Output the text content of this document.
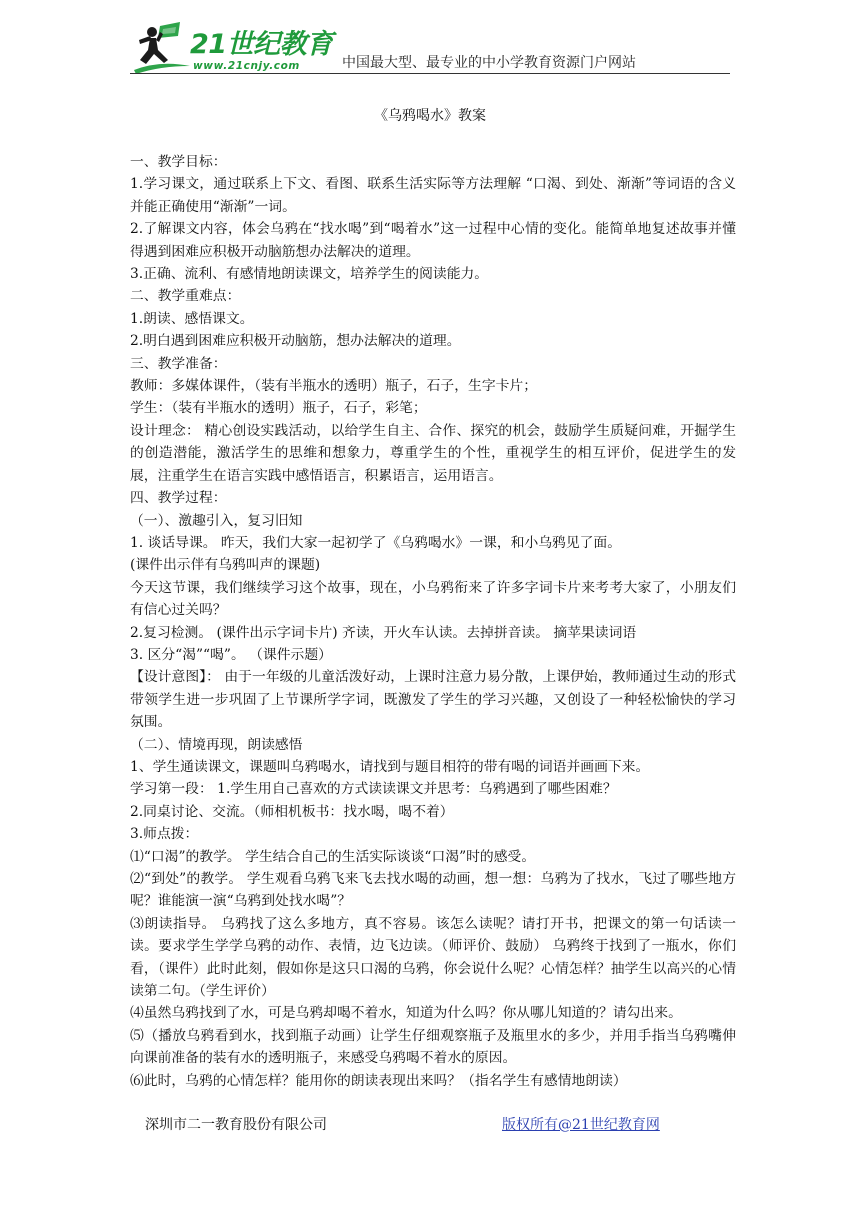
21世纪教育
www.21cnjy.com	中国最大型、最专业的中小学教育资源门户网站
《乌鸦喝水》教案

一、教学目标：

1.学习课文，通过联系上下文、看图、联系生活实际等方法理解 “口渴、到处、渐渐”等词语的含义并能正确使用“渐渐”一词。

2.了解课文内容，体会乌鸦在“找水喝”到“喝着水”这一过程中心情的变化。能简单地复述故事并懂得遇到困难应积极开动脑筋想办法解决的道理。

3.正确、流利、有感情地朗读课文，培养学生的阅读能力。

二、教学重难点：

1.朗读、感悟课文。

2.明白遇到困难应积极开动脑筋，想办法解决的道理。

三、教学准备：

教师：多媒体课件，（装有半瓶水的透明）瓶子，石子，生字卡片；

学生：（装有半瓶水的透明）瓶子，石子，彩笔；

设计理念： 精心创设实践活动，以给学生自主、合作、探究的机会，鼓励学生质疑问难，开掘学生的创造潜能，激活学生的思维和想象力，尊重学生的个性，重视学生的相互评价，促进学生的发展，注重学生在语言实践中感悟语言，积累语言，运用语言。

四、教学过程：

（一）、激趣引入，复习旧知

1. 谈话导课。 昨天，我们大家一起初学了《乌鸦喝水》一课，和小乌鸦见了面。

(课件出示伴有乌鸦叫声的课题)

今天这节课，我们继续学习这个故事，现在，小乌鸦衔来了许多字词卡片来考考大家了，小朋友们有信心过关吗？

2.复习检测。 (课件出示字词卡片) 齐读，开火车认读。去掉拼音读。 摘苹果读词语

3. 区分“渴”“喝”。 （课件示题）

【设计意图】： 由于一年级的儿童活泼好动，上课时注意力易分散，上课伊始，教师通过生动的形式带领学生进一步巩固了上节课所学字词，既激发了学生的学习兴趣，又创设了一种轻松愉快的学习氛围。

（二）、情境再现，朗读感悟

1、学生通读课文，课题叫乌鸦喝水，请找到与题目相符的带有喝的词语并画画下来。

学习第一段： 1.学生用自己喜欢的方式读读课文并思考：乌鸦遇到了哪些困难？

2.同桌讨论、交流。（师相机板书：找水喝，喝不着）

3.师点拨：

⑴“口渴”的教学。 学生结合自己的生活实际谈谈“口渴”时的感受。

⑵“到处”的教学。 学生观看乌鸦飞来飞去找水喝的动画，想一想：乌鸦为了找水，飞过了哪些地方呢？谁能演一演“乌鸦到处找水喝”？

⑶朗读指导。 乌鸦找了这么多地方，真不容易。该怎么读呢？请打开书，把课文的第一句话读一读。要求学生学学乌鸦的动作、表情，边飞边读。（师评价、鼓励） 乌鸦终于找到了一瓶水，你们看，（课件）此时此刻，假如你是这只口渴的乌鸦，你会说什么呢？心情怎样？抽学生以高兴的心情读第二句。（学生评价）

⑷虽然乌鸦找到了水，可是乌鸦却喝不着水，知道为什么吗？你从哪儿知道的？请勾出来。

⑸（播放乌鸦看到水，找到瓶子动画）让学生仔细观察瓶子及瓶里水的多少，并用手指当乌鸦嘴伸向课前准备的装有水的透明瓶子，来感受乌鸦喝不着水的原因。

⑹此时，乌鸦的心情怎样？能用你的朗读表现出来吗？（指名学生有感情地朗读）

深圳市二一教育股份有限公司	版权所有@21世纪教育网
